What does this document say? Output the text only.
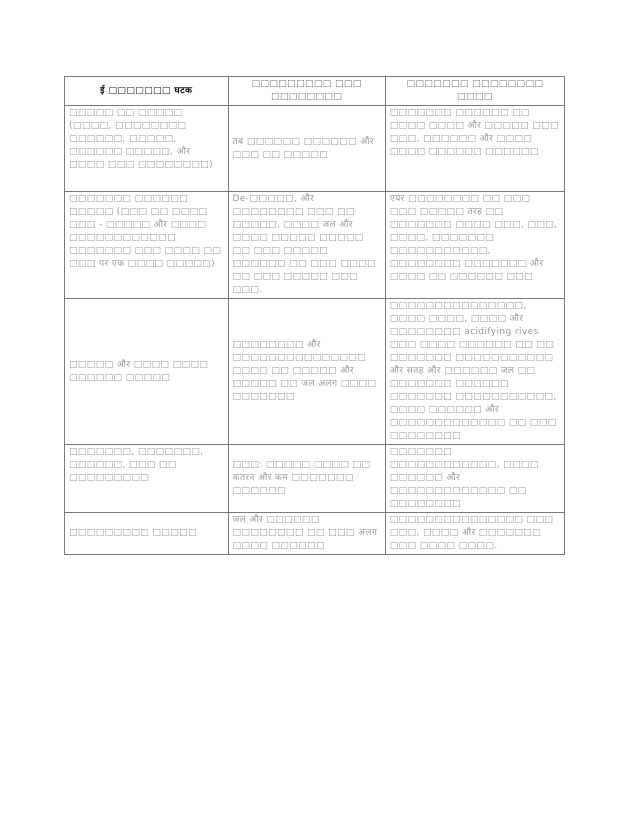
ई □□□□□□□ घटक	□□□□□□□□□ □□□ □□□□□□□□	□□□□□□□ □□□□□□□□ □□□□
□□□□□ □□ □□□□□ (□□□□, □□□□□□□□ □□□□□□, □□□□□, □□□□□□ □□□□□, और □□□□ □□□ □□□□□□□□)	तब □□□□□□ □□□□□□ और □□□ □□ □□□□□	□□□□□□□ □□□□□□ □□ □□□□ □□□□ और □□□□□ □□□ □□□, □□□□□□ और □□□□ □□□□ □□□□□□ □□□□□□
□□□□□□□ □□□□□□ □□□□□ (□□□ □□ □□□□ □□□ - □□□□□ और □□□□ □□□□□□□□□□□□ □□□□□□□ □□□ □□□□ □□ □□□ पर एक □□□□ □□□□□)	De-□□□□□, और □□□□□□□□ □□□ □□ □□□□□, □□□□ जल और □□□□ □□□□□ □□□□□ □□ □□□ □□□□□ □□□□□□ □□ □□□ □□□□ □□ □□□ □□□□□ □□□ □□□.	एयर □□□□□□□□ □□ □□□ □□□ □□□□□ तरह □□ □□□□□□□ □□□□ □□□, □□□, □□□□, □□□□□□□ □□□□□□□□□□□, □□□□□□□□ □□□□□□□ और □□□□ □□ □□□□□□ □□□
□□□□□ और □□□□ □□□□ □□□□□□ □□□□□	□□□□□□□□ और □□□□□□□□□□□□□□□ □□□□ □□ □□□□□ और □□□□□ □□ जल अलग □□□□ □□□□□□□	□□□□□□□□□□□□□□□, □□□□ □□□□, □□□□ और □□□□□□□□ acidifying rives □□□ □□□□ □□□□□□ □□ □□ □□□□□□□ □□□□□□□□□□□ और सतह और □□□□□□ जल □□ □□□□□□□ □□□□□□ □□□□□□□ □□□□□□□□□□□, □□□□ □□□□□□ और □□□□□□□□□□□□□ □□ □□□ □□□□□□□□
□□□□□□□, □□□□□□□, □□□□□□, □□□ □□ □□□□□□□□□	□□□: □□□□□ □□□□ □□ कतरन और कम □□□□□□□ □□□□□□	□□□□□□□ □□□□□□□□□□□□, □□□□ □□□□□□ और □□□□□□□□□□□□□ □□ □□□□□□□□
□□□□□□□□□ □□□□□	जल और □□□□□□ □□□□□□□□ □□ □□□ अलग □□□□ □□□□□□	□□□□□□□□□□□□□□□ □□□ □□□, □□□□ और □□□□□□□ □□□ □□□□ □□□□.
